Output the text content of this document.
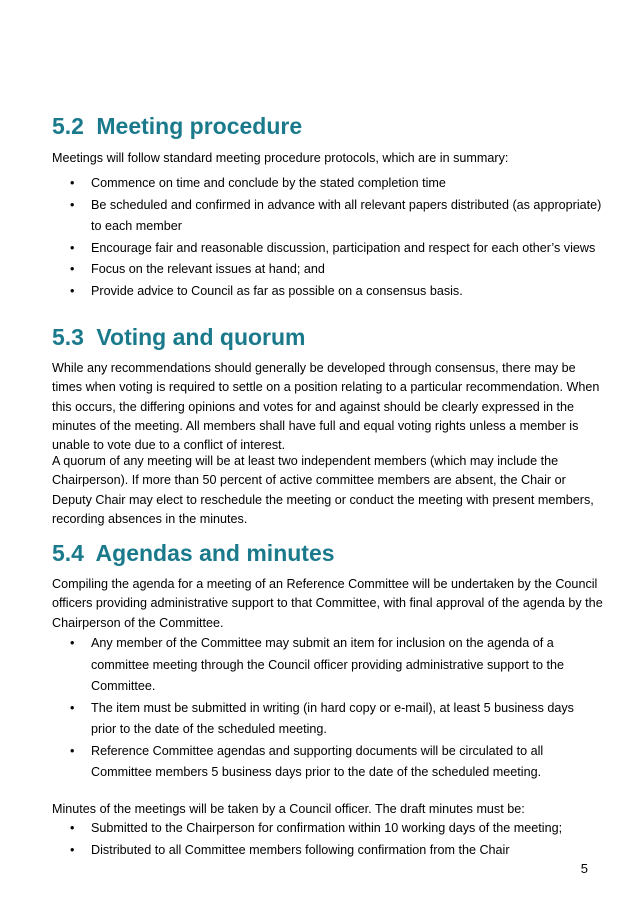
5.2 Meeting procedure

Meetings will follow standard meeting procedure protocols, which are in summary:

• Commence on time and conclude by the stated completion time
• Be scheduled and confirmed in advance with all relevant papers distributed (as appropriate)
to each member
• Encourage fair and reasonable discussion, participation and respect for each other’s views
• Focus on the relevant issues at hand; and
• Provide advice to Council as far as possible on a consensus basis.
5.3 Voting and quorum

While any recommendations should generally be developed through consensus, there may be
times when voting is required to settle on a position relating to a particular recommendation. When
this occurs, the differing opinions and votes for and against should be clearly expressed in the
minutes of the meeting. All members shall have full and equal voting rights unless a member is
unable to vote due to a conflict of interest.

A quorum of any meeting will be at least two independent members (which may include the
Chairperson). If more than 50 percent of active committee members are absent, the Chair or
Deputy Chair may elect to reschedule the meeting or conduct the meeting with present members,
recording absences in the minutes.

5.4 Agendas and minutes

Compiling the agenda for a meeting of an Reference Committee will be undertaken by the Council
officers providing administrative support to that Committee, with final approval of the agenda by the
Chairperson of the Committee.

• Any member of the Committee may submit an item for inclusion on the agenda of a
committee meeting through the Council officer providing administrative support to the
Committee.
• The item must be submitted in writing (in hard copy or e-mail), at least 5 business days
prior to the date of the scheduled meeting.
• Reference Committee agendas and supporting documents will be circulated to all
Committee members 5 business days prior to the date of the scheduled meeting.

Minutes of the meetings will be taken by a Council officer. The draft minutes must be:

• Submitted to the Chairperson for confirmation within 10 working days of the meeting;
• Distributed to all Committee members following confirmation from the Chair
5
